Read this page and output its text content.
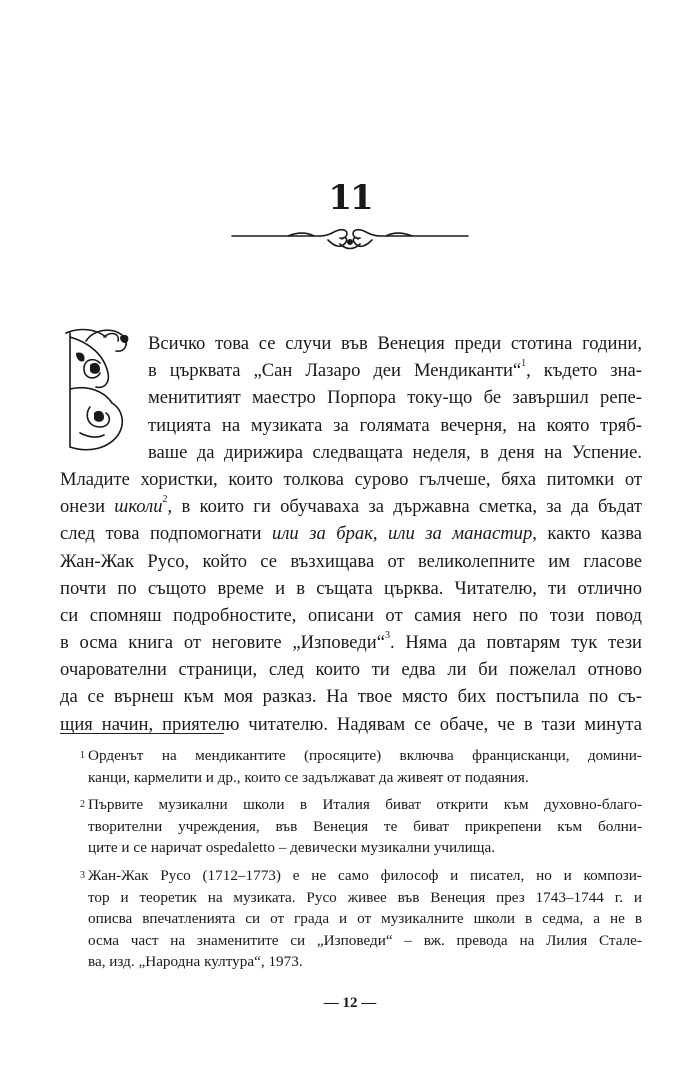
11
Всичко това се случи във Венеция преди стотина години,
в църквата „Сан Лазаро деи Мендиканти“$^1$, където зна-
менититият маестро Порпора току-що бе завършил репе-
тицията на музиката за голямата вечерня, на която тряб-
ваше да дирижира следващата неделя, в деня на Успение.
Младите хористки, които толкова сурово гълчеше, бяха питомки от
онези школи$^2$, в които ги обучаваха за държавна сметка, за да бъдат
след това подпомогнати или за брак, или за манастир, както казва
Жан-Жак Русо, който се възхищава от великолепните им гласове
почти по същото време и в същата църква. Читателю, ти отлично
си спомняш подробностите, описани от самия него по този повод
в осма книга от неговите „Изповеди“$^3$. Няма да повтарям тук тези
очарователни страници, след които ти едва ли би пожелал отново
да се върнеш към моя разказ. На твое място бих постъпила по съ-
щия начин, приятелю читателю. Надявам се обаче, че в тази минута
1 Орденът на мендикантите (просяците) включва францисканци, домини-
канци, кармелити и др., които се задължават да живеят от подаяния.
2 Първите музикални школи в Италия биват открити към духовно-благо-
творителни учреждения, във Венеция те биват прикрепени към болни-
ците и се наричат ospedaletto – девически музикални училища.
3 Жан-Жак Русо (1712–1773) е не само философ и писател, но и компози-
тор и теоретик на музиката. Русо живее във Венеция през 1743–1744 г. и
описва впечатленията си от града и от музикалните школи в седма, а не в
осма част на знаменитите си „Изповеди“ – вж. превода на Лилия Стале-
ва, изд. „Народна култура“, 1973.
— 12 —
